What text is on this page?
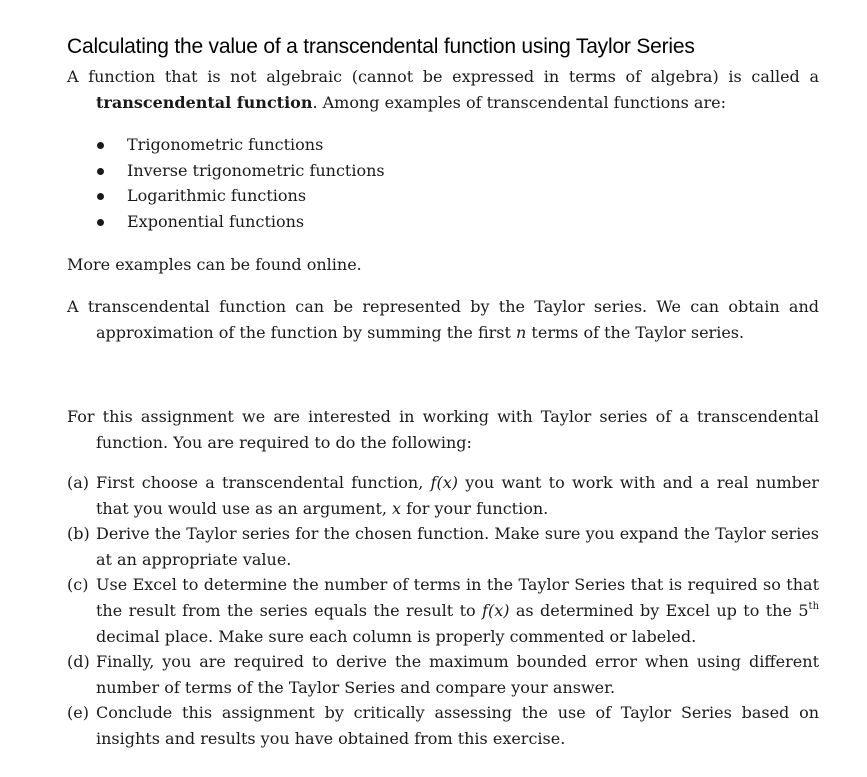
Calculating the value of a transcendental function using Taylor Series

A function that is not algebraic (cannot be expressed in terms of algebra) is called a transcendental function. Among examples of transcendental functions are:

Trigonometric functions
Inverse trigonometric functions
Logarithmic functions
Exponential functions

More examples can be found online.

A transcendental function can be represented by the Taylor series. We can obtain and approximation of the function by summing the first n terms of the Taylor series.

For this assignment we are interested in working with Taylor series of a transcendental function. You are required to do the following:

(a) First choose a transcendental function, f(x) you want to work with and a real number that you would use as an argument, x for your function.
(b) Derive the Taylor series for the chosen function. Make sure you expand the Taylor series at an appropriate value.
(c) Use Excel to determine the number of terms in the Taylor Series that is required so that the result from the series equals the result to f(x) as determined by Excel up to the 5th decimal place. Make sure each column is properly commented or labeled.
(d) Finally, you are required to derive the maximum bounded error when using different number of terms of the Taylor Series and compare your answer.
(e) Conclude this assignment by critically assessing the use of Taylor Series based on insights and results you have obtained from this exercise.
